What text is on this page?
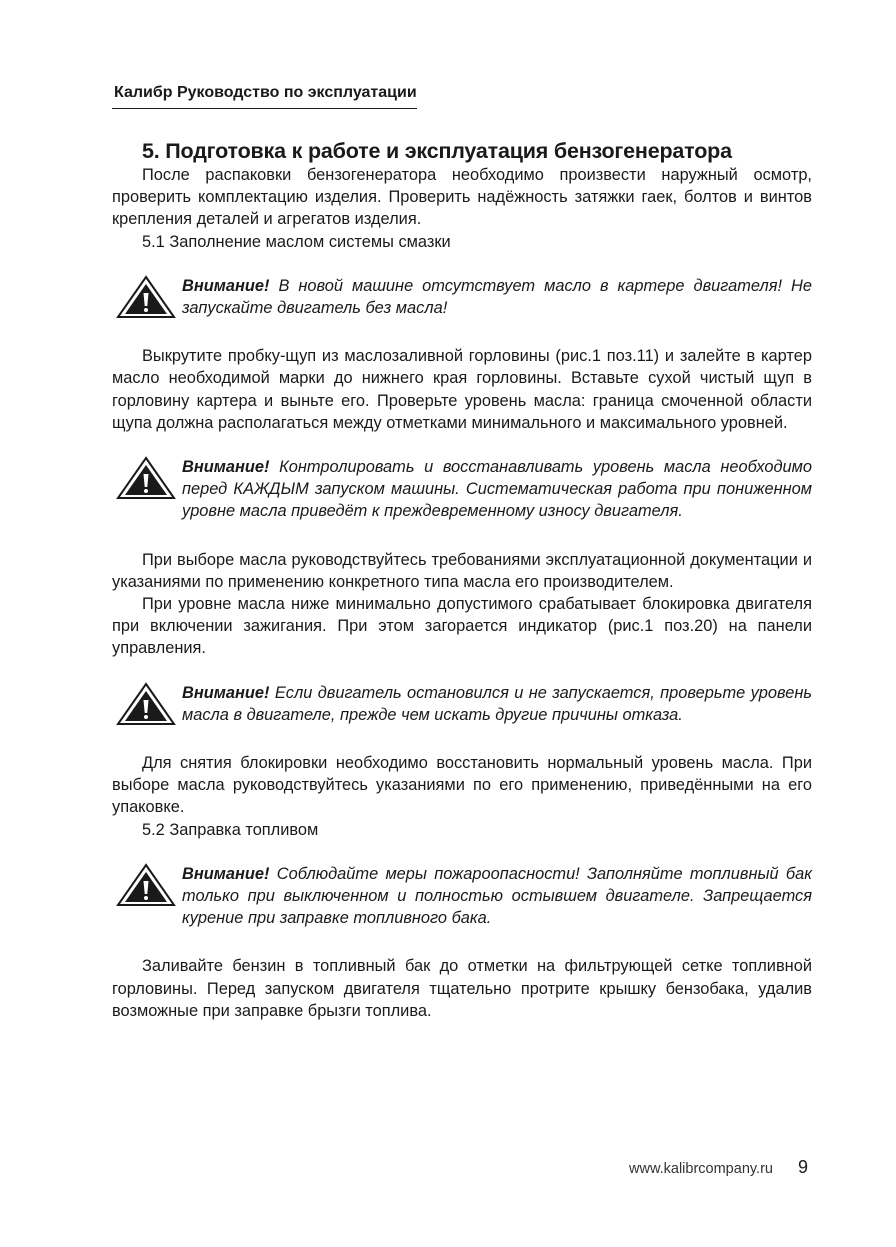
Калибр Руководство по эксплуатации
5. Подготовка к работе и эксплуатация бензогенератора

После распаковки бензогенератора необходимо произвести наружный осмотр, проверить комплектацию изделия. Проверить надёжность затяжки гаек, болтов и винтов крепления деталей и агрегатов изделия.

5.1 Заполнение маслом системы смазки

Внимание! В новой машине отсутствует масло в картере двигателя! Не запускайте двигатель без масла!

Выкрутите пробку-щуп из маслозаливной горловины (рис.1 поз.11) и залейте в картер масло необходимой марки до нижнего края горловины. Вставьте сухой чистый щуп в горловину картера и выньте его. Проверьте уровень масла: граница смоченной области щупа должна располагаться между отметками минимального и максимального уровней.

Внимание! Контролировать и восстанавливать уровень масла необходимо перед КАЖДЫМ запуском машины. Систематическая работа при пониженном уровне масла приведёт к преждевременному износу двигателя.

При выборе масла руководствуйтесь требованиями эксплуатационной документации и указаниями по применению конкретного типа масла его производителем.

При уровне масла ниже минимально допустимого срабатывает блокировка двигателя при включении зажигания. При этом загорается индикатор (рис.1 поз.20) на панели управления.

Внимание! Если двигатель остановился и не запускается, проверьте уровень масла в двигателе, прежде чем искать другие причины отказа.

Для снятия блокировки необходимо восстановить нормальный уровень масла. При выборе масла руководствуйтесь указаниями по его применению, приведёнными на его упаковке.

5.2 Заправка топливом

Внимание! Соблюдайте меры пожароопасности! Заполняйте топливный бак только при выключенном и полностью остывшем двигателе. Запрещается курение при заправке топливного бака.

Заливайте бензин в топливный бак до отметки на фильтрующей сетке топливной горловины. Перед запуском двигателя тщательно протрите крышку бензобака, удалив возможные при заправке брызги топлива.

www.kalibrcompany.ru 9
